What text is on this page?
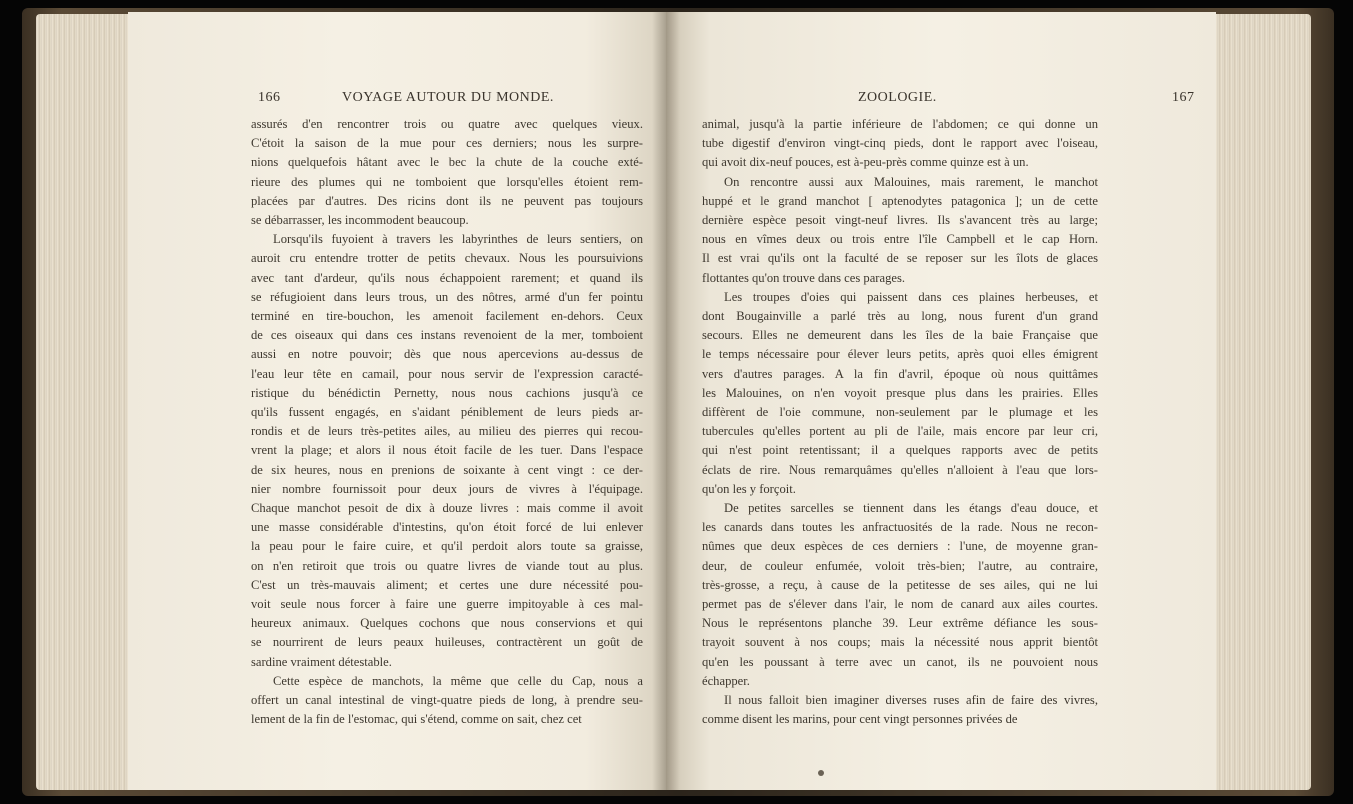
166	VOYAGE AUTOUR DU MONDE.
assurés d'en rencontrer trois ou quatre avec quelques vieux.
C'étoit la saison de la mue pour ces derniers; nous les surpre-
nions quelquefois hâtant avec le bec la chute de la couche exté-
rieure des plumes qui ne tomboient que lorsqu'elles étoient rem-
placées par d'autres. Des ricins dont ils ne peuvent pas toujours
se débarrasser, les incommodent beaucoup.
Lorsqu'ils fuyoient à travers les labyrinthes de leurs sentiers, on
auroit cru entendre trotter de petits chevaux. Nous les poursuivions
avec tant d'ardeur, qu'ils nous échappoient rarement; et quand ils
se réfugioient dans leurs trous, un des nôtres, armé d'un fer pointu
terminé en tire-bouchon, les amenoit facilement en-dehors. Ceux
de ces oiseaux qui dans ces instans revenoient de la mer, tomboient
aussi en notre pouvoir; dès que nous apercevions au-dessus de
l'eau leur tête en camail, pour nous servir de l'expression caracté-
ristique du bénédictin Pernetty, nous nous cachions jusqu'à ce
qu'ils fussent engagés, en s'aidant péniblement de leurs pieds ar-
rondis et de leurs très-petites ailes, au milieu des pierres qui recou-
vrent la plage; et alors il nous étoit facile de les tuer. Dans l'espace
de six heures, nous en prenions de soixante à cent vingt : ce der-
nier nombre fournissoit pour deux jours de vivres à l'équipage.
Chaque manchot pesoit de dix à douze livres : mais comme il avoit
une masse considérable d'intestins, qu'on étoit forcé de lui enlever
la peau pour le faire cuire, et qu'il perdoit alors toute sa graisse,
on n'en retiroit que trois ou quatre livres de viande tout au plus.
C'est un très-mauvais aliment; et certes une dure nécessité pou-
voit seule nous forcer à faire une guerre impitoyable à ces mal-
heureux animaux. Quelques cochons que nous conservions et qui
se nourrirent de leurs peaux huileuses, contractèrent un goût de
sardine vraiment détestable.
Cette espèce de manchots, la même que celle du Cap, nous a
offert un canal intestinal de vingt-quatre pieds de long, à prendre seu-
lement de la fin de l'estomac, qui s'étend, comme on sait, chez cet
ZOOLOGIE.	167
animal, jusqu'à la partie inférieure de l'abdomen; ce qui donne un
tube digestif d'environ vingt-cinq pieds, dont le rapport avec l'oiseau,
qui avoit dix-neuf pouces, est à-peu-près comme quinze est à un.
On rencontre aussi aux Malouines, mais rarement, le manchot
huppé et le grand manchot [ aptenodytes patagonica ]; un de cette
dernière espèce pesoit vingt-neuf livres. Ils s'avancent très au large;
nous en vîmes deux ou trois entre l'île Campbell et le cap Horn.
Il est vrai qu'ils ont la faculté de se reposer sur les îlots de glaces
flottantes qu'on trouve dans ces parages.
Les troupes d'oies qui paissent dans ces plaines herbeuses, et
dont Bougainville a parlé très au long, nous furent d'un grand
secours. Elles ne demeurent dans les îles de la baie Française que
le temps nécessaire pour élever leurs petits, après quoi elles émigrent
vers d'autres parages. A la fin d'avril, époque où nous quittâmes
les Malouines, on n'en voyoit presque plus dans les prairies. Elles
diffèrent de l'oie commune, non-seulement par le plumage et les
tubercules qu'elles portent au pli de l'aile, mais encore par leur cri,
qui n'est point retentissant; il a quelques rapports avec de petits
éclats de rire. Nous remarquâmes qu'elles n'alloient à l'eau que lors-
qu'on les y forçoit.
De petites sarcelles se tiennent dans les étangs d'eau douce, et
les canards dans toutes les anfractuosités de la rade. Nous ne recon-
nûmes que deux espèces de ces derniers : l'une, de moyenne gran-
deur, de couleur enfumée, voloit très-bien; l'autre, au contraire,
très-grosse, a reçu, à cause de la petitesse de ses ailes, qui ne lui
permet pas de s'élever dans l'air, le nom de canard aux ailes courtes.
Nous le représentons planche 39. Leur extrême défiance les sous-
trayoit souvent à nos coups; mais la nécessité nous apprit bientôt
qu'en les poussant à terre avec un canot, ils ne pouvoient nous
échapper.
Il nous falloit bien imaginer diverses ruses afin de faire des vivres,
comme disent les marins, pour cent vingt personnes privées de
